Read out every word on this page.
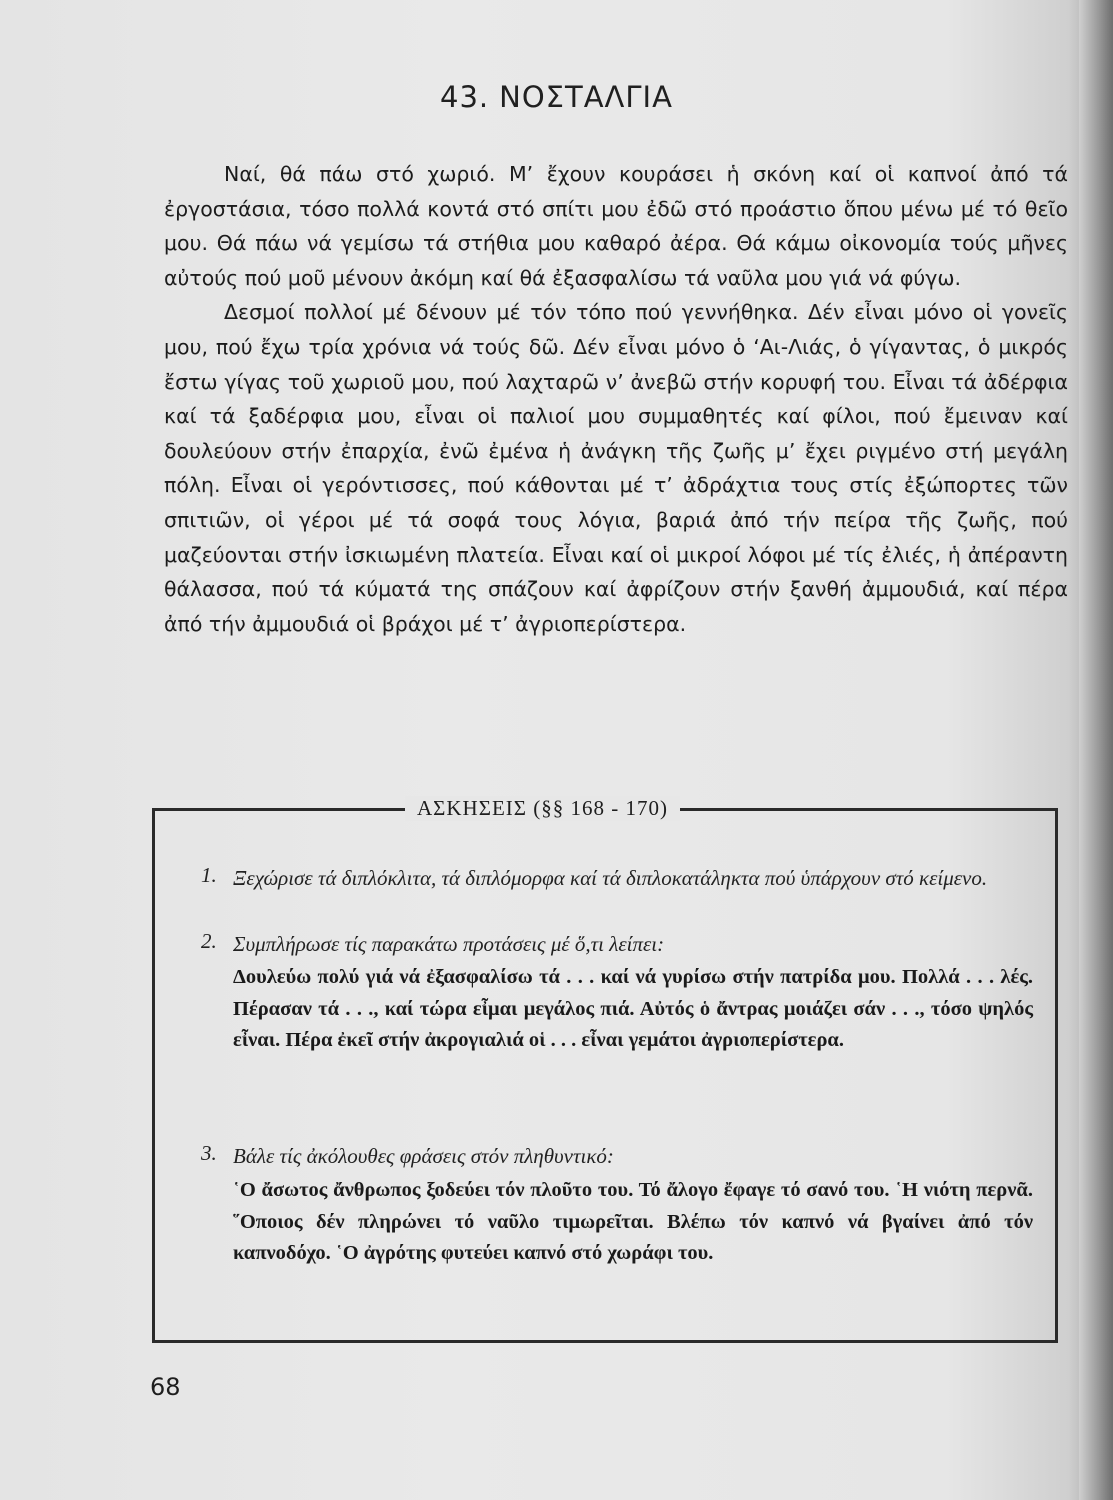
43. ΝΟΣΤΑΛΓΙΑ

Ναί, θά πάω στό χωριό. Μ’ ἔχουν κουράσει ἡ σκόνη καί οἱ καπνοί ἀπό τά ἐργοστάσια, τόσο πολλά κοντά στό σπίτι μου ἐδῶ στό προάστιο ὅπου μένω μέ τό θεῖο μου. Θά πάω νά γεμίσω τά στήθια μου καθαρό ἀέρα. Θά κάμω οἰκονομία τούς μῆνες αὐτούς πού μοῦ μένουν ἀκόμη καί θά ἐξασφαλίσω τά ναῦλα μου γιά νά φύγω.

Δεσμοί πολλοί μέ δένουν μέ τόν τόπο πού γεννήθηκα. Δέν εἶναι μόνο οἱ γονεῖς μου, πού ἔχω τρία χρόνια νά τούς δῶ. Δέν εἶναι μόνο ὁ ‘Αι-Λιάς, ὁ γίγαντας, ὁ μικρός ἔστω γίγας τοῦ χωριοῦ μου, πού λαχταρῶ ν’ ἀνεβῶ στήν κορυφή του. Εἶναι τά ἀδέρφια καί τά ξαδέρφια μου, εἶναι οἱ παλιοί μου συμμαθητές καί φίλοι, πού ἔμειναν καί δουλεύουν στήν ἐπαρχία, ἐνῶ ἐμένα ἡ ἀνάγκη τῆς ζωῆς μ’ ἔχει ριγμένο στή μεγάλη πόλη. Εἶναι οἱ γερόντισσες, πού κάθονται μέ τ’ ἀδράχτια τους στίς ἐξώπορτες τῶν σπιτιῶν, οἱ γέροι μέ τά σοφά τους λόγια, βαριά ἀπό τήν πείρα τῆς ζωῆς, πού μαζεύονται στήν ἰσκιωμένη πλατεία. Εἶναι καί οἱ μικροί λόφοι μέ τίς ἐλιές, ἡ ἀπέραντη θάλασσα, πού τά κύματά της σπάζουν καί ἀφρίζουν στήν ξανθή ἀμμουδιά, καί πέρα ἀπό τήν ἀμμουδιά οἱ βράχοι μέ τ’ ἀγριοπερίστερα.

ΑΣΚΗΣΕΙΣ (§§ 168 - 170)
1. Ξεχώρισε τά διπλόκλιτα, τά διπλόμορφα καί τά διπλοκατάληκτα πού ὑπάρχουν στό κείμενο.
2. Συμπλήρωσε τίς παρακάτω προτάσεις μέ ὅ,τι λείπει:
Δουλεύω πολύ γιά νά ἐξασφαλίσω τά . . . καί νά γυρίσω στήν πατρίδα μου. Πολλά . . . λές. Πέρασαν τά . . ., καί τώρα εἶμαι μεγάλος πιά. Αὐτός ὁ ἄντρας μοιάζει σάν . . ., τόσο ψηλός εἶναι. Πέρα ἐκεῖ στήν ἀκρογιαλιά οἱ . . . εἶναι γεμάτοι ἀγριοπερίστερα.
3. Βάλε τίς ἀκόλουθες φράσεις στόν πληθυντικό:
῾Ο ἄσωτος ἄνθρωπος ξοδεύει τόν πλοῦτο του. Τό ἄλογο ἔφαγε τό σανό του. ῾Η νιότη περνᾶ. ῞Οποιος δέν πληρώνει τό ναῦλο τιμωρεῖται. Βλέπω τόν καπνό νά βγαίνει ἀπό τόν καπνοδόχο. ῾Ο ἀγρότης φυτεύει καπνό στό χωράφι του.
68
